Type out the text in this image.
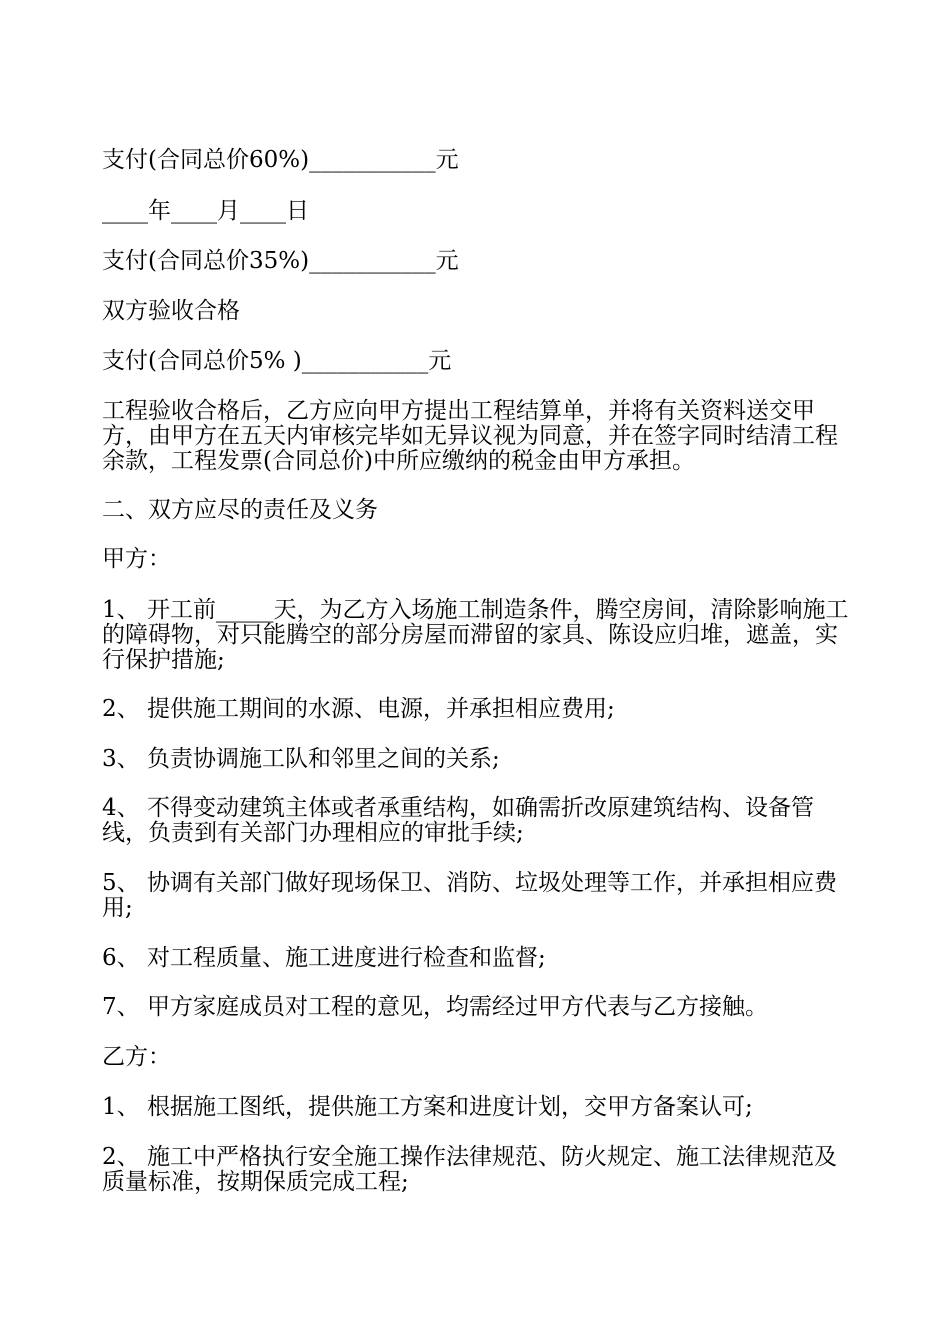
支付(合同总价60%)___________元

____年____月____日

支付(合同总价35%)___________元

双方验收合格

支付(合同总价5% )___________元

工程验收合格后，乙方应向甲方提出工程结算单，并将有关资料送交甲方，由甲方在五天内审核完毕如无异议视为同意，并在签字同时结清工程余款，工程发票(合同总价)中所应缴纳的税金由甲方承担。

二、双方应尽的责任及义务

甲方：

1、 开工前_____天，为乙方入场施工制造条件，腾空房间，清除影响施工的障碍物，对只能腾空的部分房屋而滞留的家具、陈设应归堆，遮盖，实行保护措施;

2、 提供施工期间的水源、电源，并承担相应费用;

3、 负责协调施工队和邻里之间的关系;

4、 不得变动建筑主体或者承重结构，如确需折改原建筑结构、设备管线，负责到有关部门办理相应的审批手续;

5、 协调有关部门做好现场保卫、消防、垃圾处理等工作，并承担相应费用;

6、 对工程质量、施工进度进行检查和监督;

7、 甲方家庭成员对工程的意见，均需经过甲方代表与乙方接触。

乙方：

1、 根据施工图纸，提供施工方案和进度计划，交甲方备案认可;

2、 施工中严格执行安全施工操作法律规范、防火规定、施工法律规范及质量标准，按期保质完成工程;
